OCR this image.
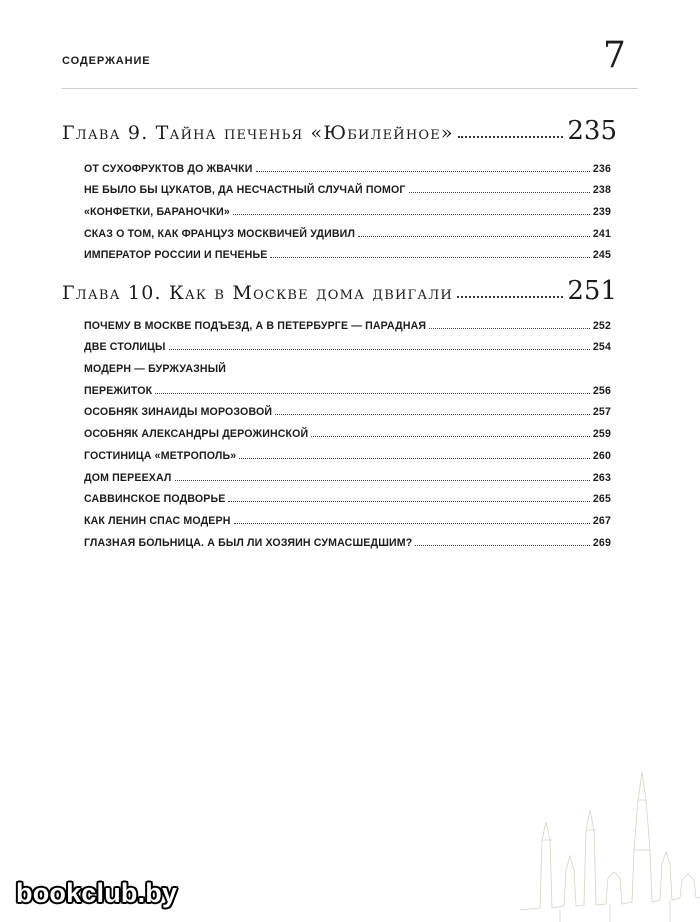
СОДЕРЖАНИЕ	7
Глава 9. Тайна печенья «Юбилейное»	235
ОТ СУХОФРУКТОВ ДО ЖВАЧКИ	236
НЕ БЫЛО БЫ ЦУКАТОВ, ДА НЕСЧАСТНЫЙ СЛУЧАЙ ПОМОГ	238
«КОНФЕТКИ, БАРАНОЧКИ»	239
СКАЗ О ТОМ, КАК ФРАНЦУЗ МОСКВИЧЕЙ УДИВИЛ	241
ИМПЕРАТОР РОССИИ И ПЕЧЕНЬЕ	245
Глава 10. Как в Москве дома двигали	251
ПОЧЕМУ В МОСКВЕ ПОДЪЕЗД, А В ПЕТЕРБУРГЕ — ПАРАДНАЯ	252
ДВЕ СТОЛИЦЫ	254
МОДЕРН — БУРЖУАЗНЫЙ
ПЕРЕЖИТОК	256
ОСОБНЯК ЗИНАИДЫ МОРОЗОВОЙ	257
ОСОБНЯК АЛЕКСАНДРЫ ДЕРОЖИНСКОЙ	259
ГОСТИНИЦА «МЕТРОПОЛЬ»	260
ДОМ ПЕРЕЕХАЛ	263
САВВИНСКОЕ ПОДВОРЬЕ	265
КАК ЛЕНИН СПАС МОДЕРН	267
ГЛАЗНАЯ БОЛЬНИЦА. А БЫЛ ЛИ ХОЗЯИН СУМАСШЕДШИМ?	269
bookclub.by
